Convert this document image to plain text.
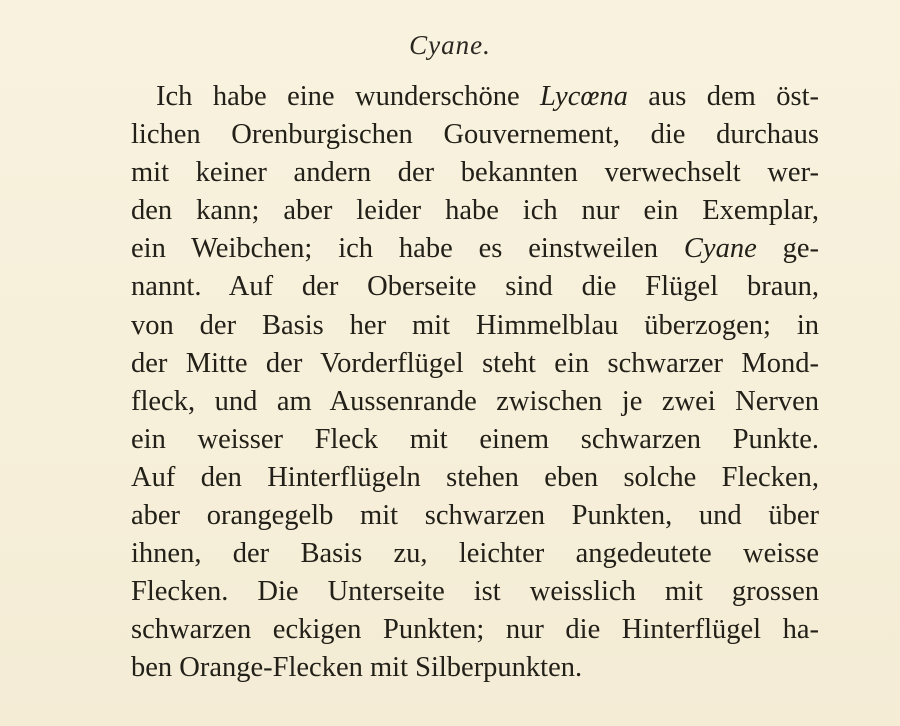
Cyane.
Ich habe eine wunderschöne Lycœna aus dem öst-
lichen Orenburgischen Gouvernement, die durchaus
mit keiner andern der bekannten verwechselt wer-
den kann; aber leider habe ich nur ein Exemplar,
ein Weibchen; ich habe es einstweilen Cyane ge-
nannt. Auf der Oberseite sind die Flügel braun,
von der Basis her mit Himmelblau überzogen; in
der Mitte der Vorderflügel steht ein schwarzer Mond-
fleck, und am Aussenrande zwischen je zwei Nerven
ein weisser Fleck mit einem schwarzen Punkte.
Auf den Hinterflügeln stehen eben solche Flecken,
aber orangegelb mit schwarzen Punkten, und über
ihnen, der Basis zu, leichter angedeutete weisse
Flecken. Die Unterseite ist weisslich mit grossen
schwarzen eckigen Punkten; nur die Hinterflügel ha-
ben Orange-Flecken mit Silberpunkten.
